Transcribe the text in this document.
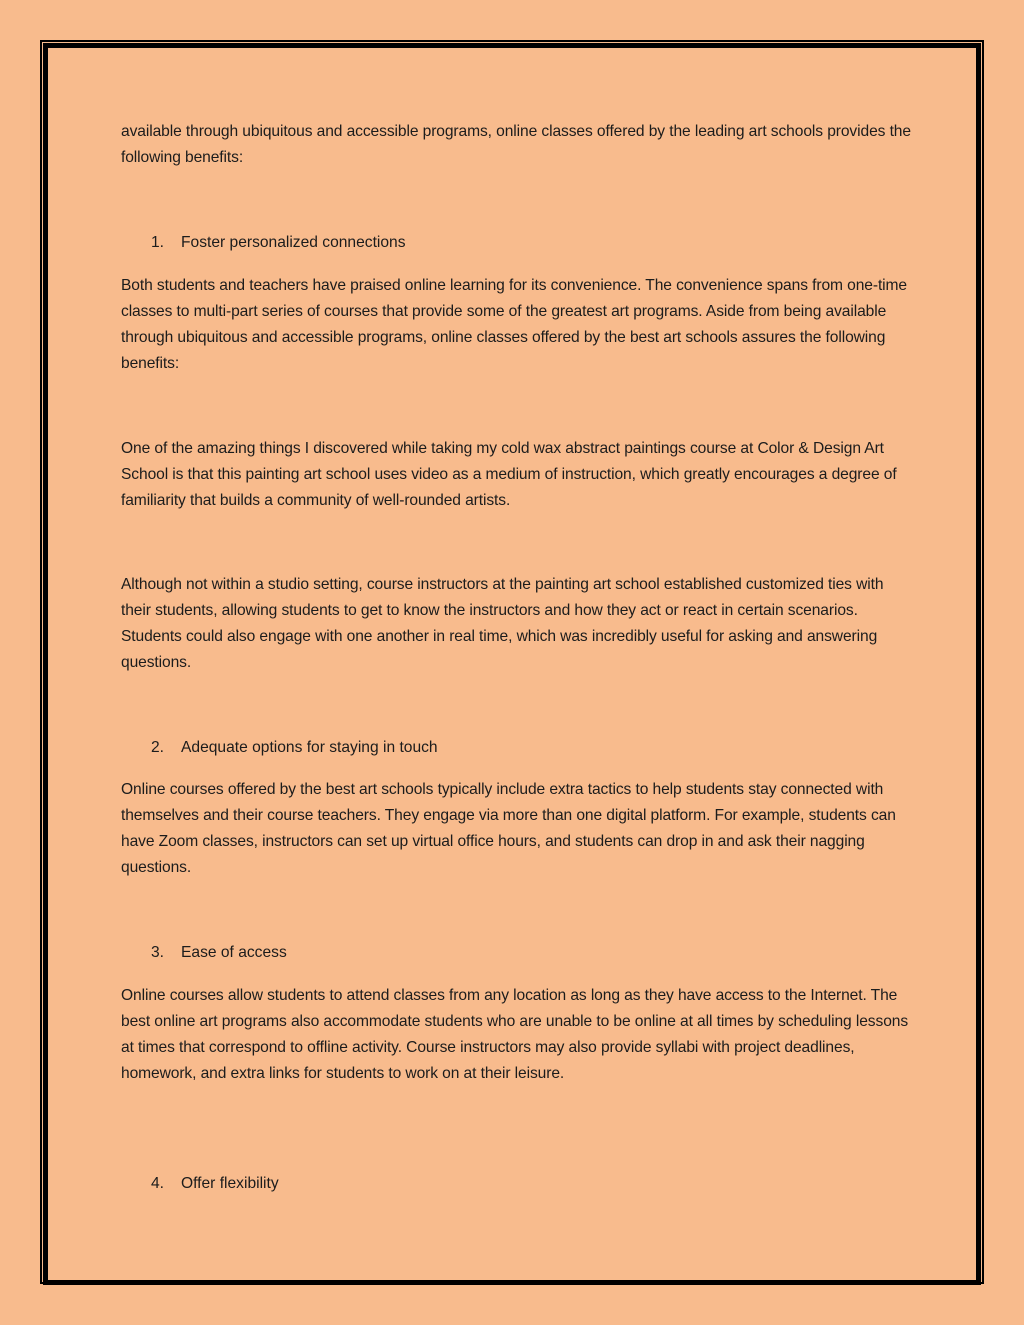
available through ubiquitous and accessible programs, online classes offered by the leading art schools provides the following benefits:

1.	Foster personalized connections

Both students and teachers have praised online learning for its convenience. The convenience spans from one-time classes to multi-part series of courses that provide some of the greatest art programs. Aside from being available through ubiquitous and accessible programs, online classes offered by the best art schools assures the following benefits:

One of the amazing things I discovered while taking my cold wax abstract paintings course at Color & Design Art School is that this painting art school uses video as a medium of instruction, which greatly encourages a degree of familiarity that builds a community of well-rounded artists.

Although not within a studio setting, course instructors at the painting art school established customized ties with their students, allowing students to get to know the instructors and how they act or react in certain scenarios. Students could also engage with one another in real time, which was incredibly useful for asking and answering questions.

2.	Adequate options for staying in touch

Online courses offered by the best art schools typically include extra tactics to help students stay connected with themselves and their course teachers. They engage via more than one digital platform. For example, students can have Zoom classes, instructors can set up virtual office hours, and students can drop in and ask their nagging questions.

3.	Ease of access

Online courses allow students to attend classes from any location as long as they have access to the Internet. The best online art programs also accommodate students who are unable to be online at all times by scheduling lessons at times that correspond to offline activity. Course instructors may also provide syllabi with project deadlines, homework, and extra links for students to work on at their leisure.

4.	Offer flexibility
